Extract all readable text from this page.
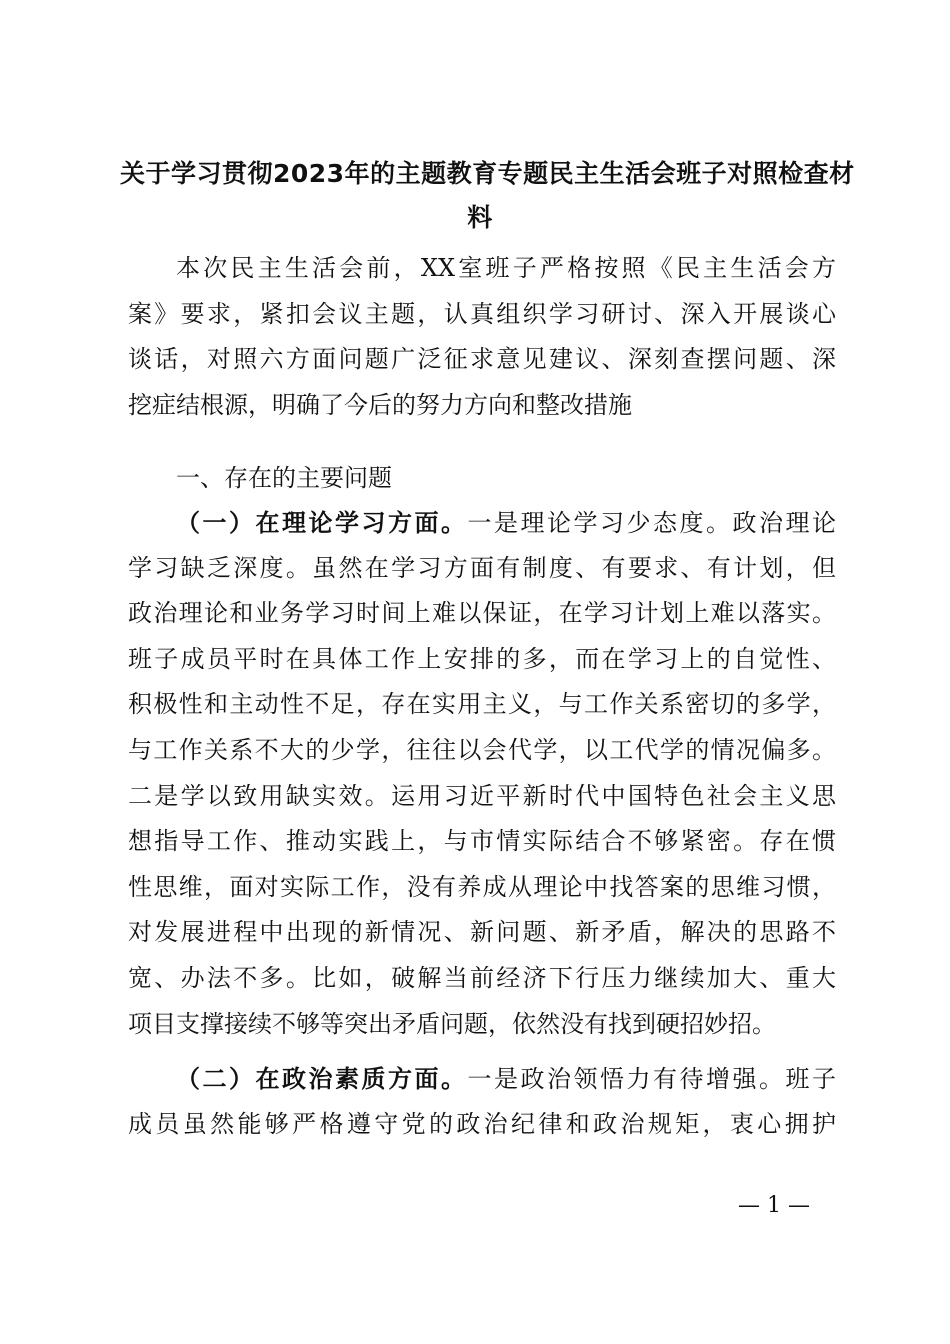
关于学习贯彻2023年的主题教育专题民主生活会班子对照检查材
料
本次民主生活会前，XX室班子严格按照《民主生活会方
案》要求，紧扣会议主题，认真组织学习研讨、深入开展谈心
谈话，对照六方面问题广泛征求意见建议、深刻查摆问题、深
挖症结根源，明确了今后的努力方向和整改措施
一、存在的主要问题
（一）在理论学习方面。一是理论学习少态度。政治理论
学习缺乏深度。虽然在学习方面有制度、有要求、有计划，但
政治理论和业务学习时间上难以保证，在学习计划上难以落实。
班子成员平时在具体工作上安排的多，而在学习上的自觉性、
积极性和主动性不足，存在实用主义，与工作关系密切的多学，
与工作关系不大的少学，往往以会代学，以工代学的情况偏多。
二是学以致用缺实效。运用习近平新时代中国特色社会主义思
想指导工作、推动实践上，与市情实际结合不够紧密。存在惯
性思维，面对实际工作，没有养成从理论中找答案的思维习惯，
对发展进程中出现的新情况、新问题、新矛盾，解决的思路不
宽、办法不多。比如，破解当前经济下行压力继续加大、重大
项目支撑接续不够等突出矛盾问题，依然没有找到硬招妙招。
（二）在政治素质方面。一是政治领悟力有待增强。班子
成员虽然能够严格遵守党的政治纪律和政治规矩，衷心拥护
— 1 —
